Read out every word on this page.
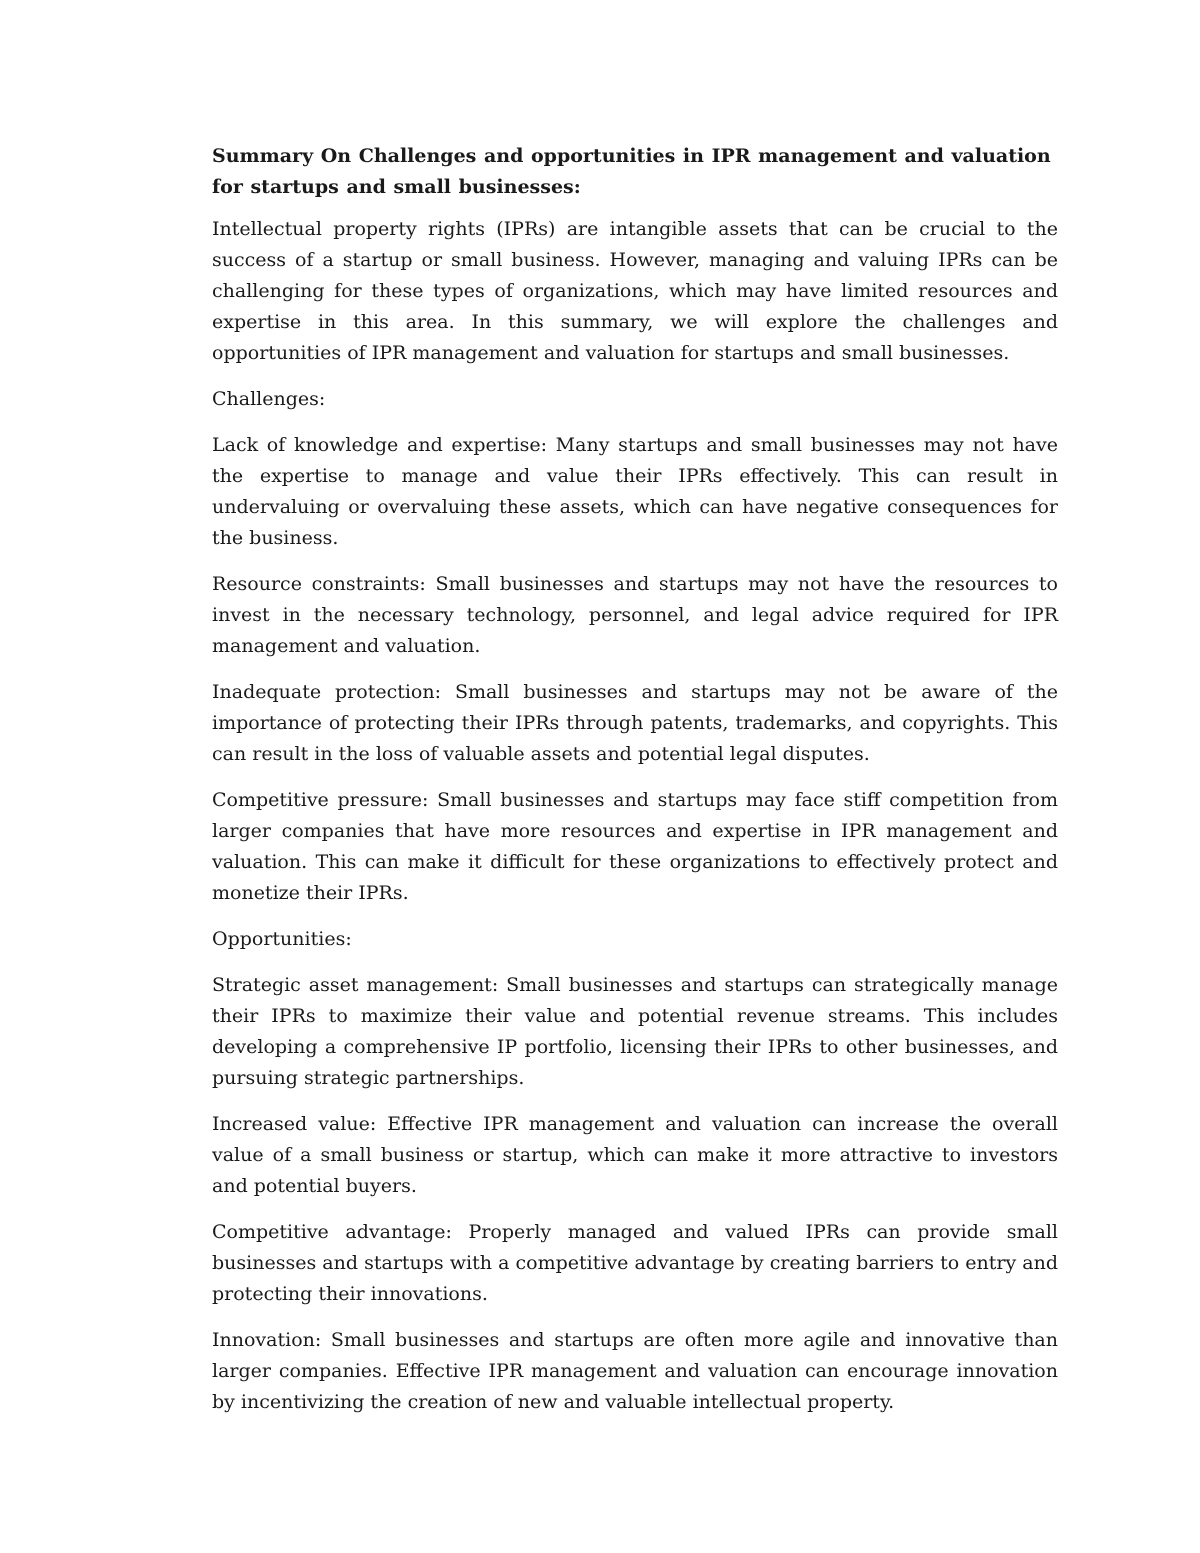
Summary On Challenges and opportunities in IPR management and valuation for startups and small businesses:

Intellectual property rights (IPRs) are intangible assets that can be crucial to the success of a startup or small business. However, managing and valuing IPRs can be challenging for these types of organizations, which may have limited resources and expertise in this area. In this summary, we will explore the challenges and opportunities of IPR management and valuation for startups and small businesses.

Challenges:

Lack of knowledge and expertise: Many startups and small businesses may not have the expertise to manage and value their IPRs effectively. This can result in undervaluing or overvaluing these assets, which can have negative consequences for the business.

Resource constraints: Small businesses and startups may not have the resources to invest in the necessary technology, personnel, and legal advice required for IPR management and valuation.

Inadequate protection: Small businesses and startups may not be aware of the importance of protecting their IPRs through patents, trademarks, and copyrights. This can result in the loss of valuable assets and potential legal disputes.

Competitive pressure: Small businesses and startups may face stiff competition from larger companies that have more resources and expertise in IPR management and valuation. This can make it difficult for these organizations to effectively protect and monetize their IPRs.

Opportunities:

Strategic asset management: Small businesses and startups can strategically manage their IPRs to maximize their value and potential revenue streams. This includes developing a comprehensive IP portfolio, licensing their IPRs to other businesses, and pursuing strategic partnerships.

Increased value: Effective IPR management and valuation can increase the overall value of a small business or startup, which can make it more attractive to investors and potential buyers.

Competitive advantage: Properly managed and valued IPRs can provide small businesses and startups with a competitive advantage by creating barriers to entry and protecting their innovations.

Innovation: Small businesses and startups are often more agile and innovative than larger companies. Effective IPR management and valuation can encourage innovation by incentivizing the creation of new and valuable intellectual property.
